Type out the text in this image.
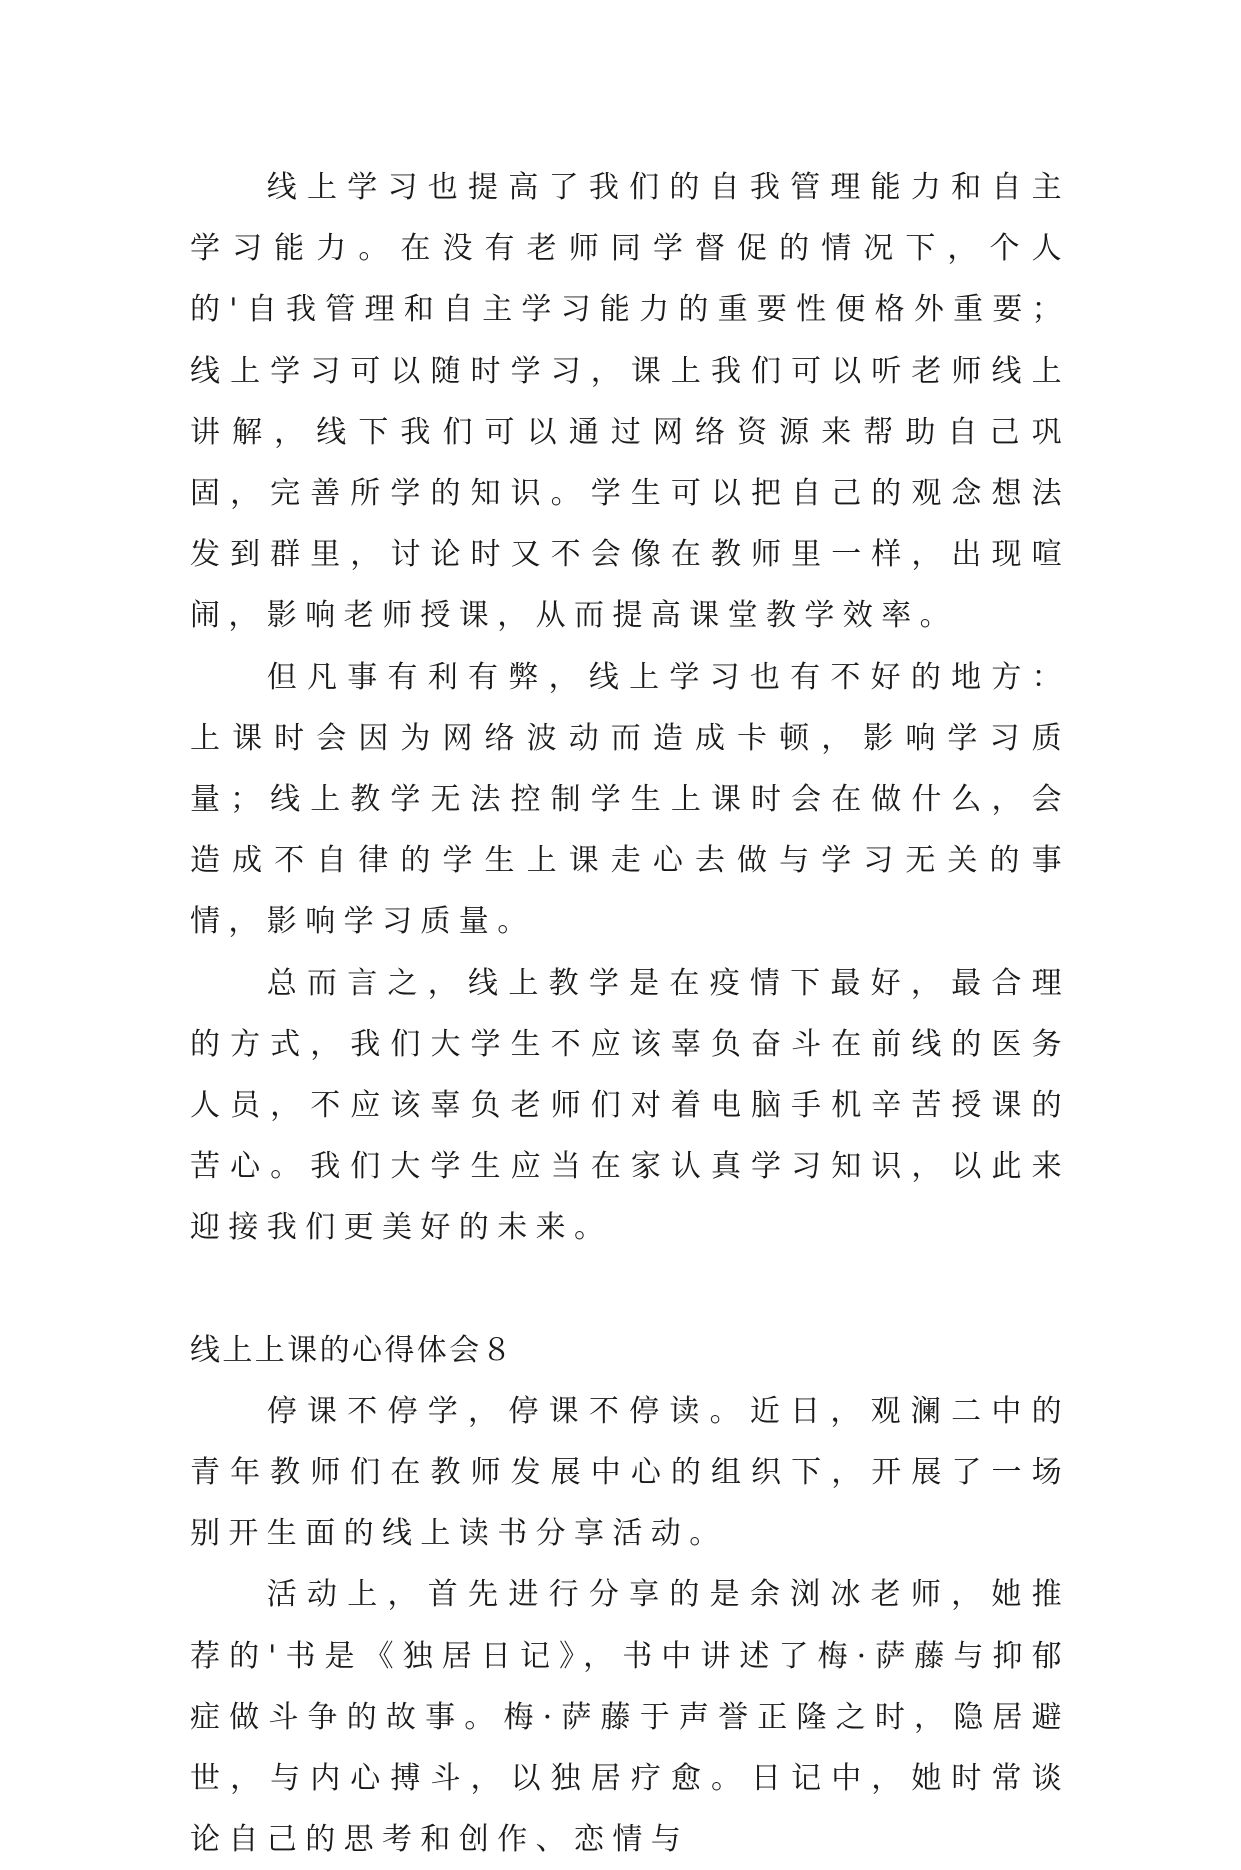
线上学习也提高了我们的自我管理能力和自主学习能力。在没有老师同学督促的情况下，个人的'自我管理和自主学习能力的重要性便格外重要；线上学习可以随时学习，课上我们可以听老师线上讲解，线下我们可以通过网络资源来帮助自己巩固，完善所学的知识。学生可以把自己的观念想法发到群里，讨论时又不会像在教师里一样，出现喧闹，影响老师授课，从而提高课堂教学效率。

但凡事有利有弊，线上学习也有不好的地方：上课时会因为网络波动而造成卡顿，影响学习质量；线上教学无法控制学生上课时会在做什么，会造成不自律的学生上课走心去做与学习无关的事情，影响学习质量。

总而言之，线上教学是在疫情下最好，最合理的方式，我们大学生不应该辜负奋斗在前线的医务人员，不应该辜负老师们对着电脑手机辛苦授课的苦心。我们大学生应当在家认真学习知识，以此来迎接我们更美好的未来。

线上上课的心得体会８

停课不停学，停课不停读。近日，观澜二中的青年教师们在教师发展中心的组织下，开展了一场别开生面的线上读书分享活动。

活动上，首先进行分享的是余浏冰老师，她推荐的'书是《独居日记》，书中讲述了梅·萨藤与抑郁症做斗争的故事。梅·萨藤于声誉正隆之时，隐居避世，与内心搏斗，以独居疗愈。日记中，她时常谈论自己的思考和创作、恋情与
